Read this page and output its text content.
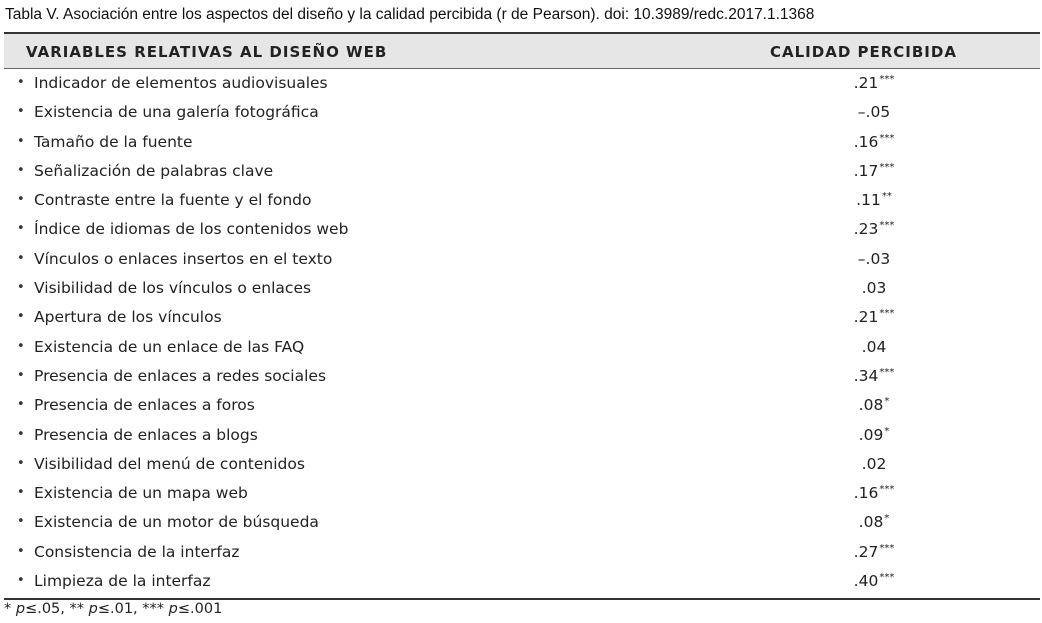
Tabla V. Asociación entre los aspectos del diseño y la calidad percibida (r de Pearson). doi: 10.3989/redc.2017.1.1368
VARIABLES RELATIVAS AL DISEÑO WEB	CALIDAD PERCIBIDA
• Indicador de elementos audiovisuales	.21***
• Existencia de una galería fotográfica	–.05
• Tamaño de la fuente	.16***
• Señalización de palabras clave	.17***
• Contraste entre la fuente y el fondo	.11**
• Índice de idiomas de los contenidos web	.23***
• Vínculos o enlaces insertos en el texto	–.03
• Visibilidad de los vínculos o enlaces	.03
• Apertura de los vínculos	.21***
• Existencia de un enlace de las FAQ	.04
• Presencia de enlaces a redes sociales	.34***
• Presencia de enlaces a foros	.08*
• Presencia de enlaces a blogs	.09*
• Visibilidad del menú de contenidos	.02
• Existencia de un mapa web	.16***
• Existencia de un motor de búsqueda	.08*
• Consistencia de la interfaz	.27***
• Limpieza de la interfaz	.40***
* p≤.05, ** p≤.01, *** p≤.001
